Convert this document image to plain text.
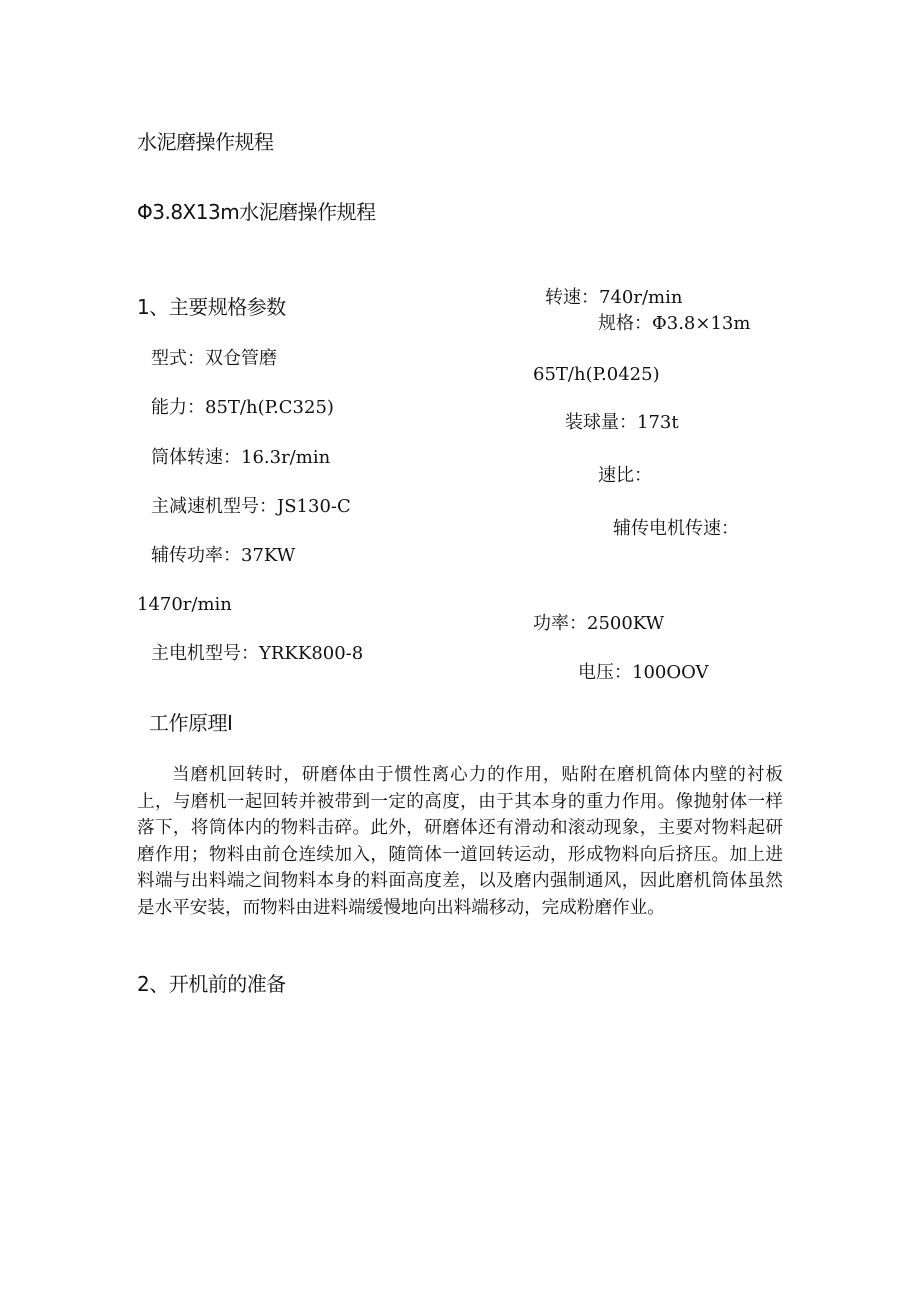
水泥磨操作规程
Φ3.8X13m水泥磨操作规程
1、主要规格参数
型式：双仓管磨
能力：85T/h(P.C325)
筒体转速：16.3r/min
主减速机型号：JS130-C
辅传功率：37KW
1470r/min
主电机型号：YRKK800-8
转速：740r/min
规格：Φ3.8×13m
65T/h(P.0425)
装球量：173t
速比：
辅传电机传速：
功率：2500KW
电压：100OOV
工作原理I

当磨机回转时，研磨体由于惯性离心力的作用，贴附在磨机筒体内壁的衬板上，与磨机一起回转并被带到一定的高度，由于其本身的重力作用。像抛射体一样落下，将筒体内的物料击碎。此外，研磨体还有滑动和滚动现象，主要对物料起研磨作用；物料由前仓连续加入，随筒体一道回转运动，形成物料向后挤压。加上进料端与出料端之间物料本身的料面高度差，以及磨内强制通风，因此磨机筒体虽然是水平安装，而物料由进料端缓慢地向出料端移动，完成粉磨作业。

2、开机前的准备
